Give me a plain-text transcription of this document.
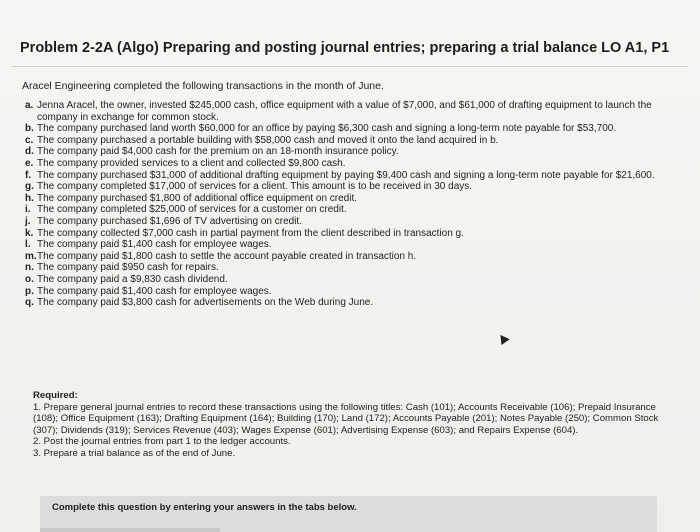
Problem 2-2A (Algo) Preparing and posting journal entries; preparing a trial balance LO A1, P1
Aracel Engineering completed the following transactions in the month of June.
a. Jenna Aracel, the owner, invested $245,000 cash, office equipment with a value of $7,000, and $61,000 of drafting equipment to launch the company in exchange for common stock.
b. The company purchased land worth $60,000 for an office by paying $6,300 cash and signing a long-term note payable for $53,700.
c. The company purchased a portable building with $58,000 cash and moved it onto the land acquired in b.
d. The company paid $4,000 cash for the premium on an 18-month insurance policy.
e. The company provided services to a client and collected $9,800 cash.
f. The company purchased $31,000 of additional drafting equipment by paying $9,400 cash and signing a long-term note payable for $21,600.
g. The company completed $17,000 of services for a client. This amount is to be received in 30 days.
h. The company purchased $1,800 of additional office equipment on credit.
i. The company completed $25,000 of services for a customer on credit.
j. The company purchased $1,696 of TV advertising on credit.
k. The company collected $7,000 cash in partial payment from the client described in transaction g.
l. The company paid $1,400 cash for employee wages.
m. The company paid $1,800 cash to settle the account payable created in transaction h.
n. The company paid $950 cash for repairs.
o. The company paid a $9,830 cash dividend.
p. The company paid $1,400 cash for employee wages.
q. The company paid $3,800 cash for advertisements on the Web during June.
Required:

1. Prepare general journal entries to record these transactions using the following titles: Cash (101); Accounts Receivable (106); Prepaid Insurance (108); Office Equipment (163); Drafting Equipment (164); Building (170); Land (172); Accounts Payable (201); Notes Payable (250); Common Stock (307); Dividends (319); Services Revenue (403); Wages Expense (601); Advertising Expense (603); and Repairs Expense (604).

2. Post the journal entries from part 1 to the ledger accounts.

3. Prepare a trial balance as of the end of June.

Complete this question by entering your answers in the tabs below.
